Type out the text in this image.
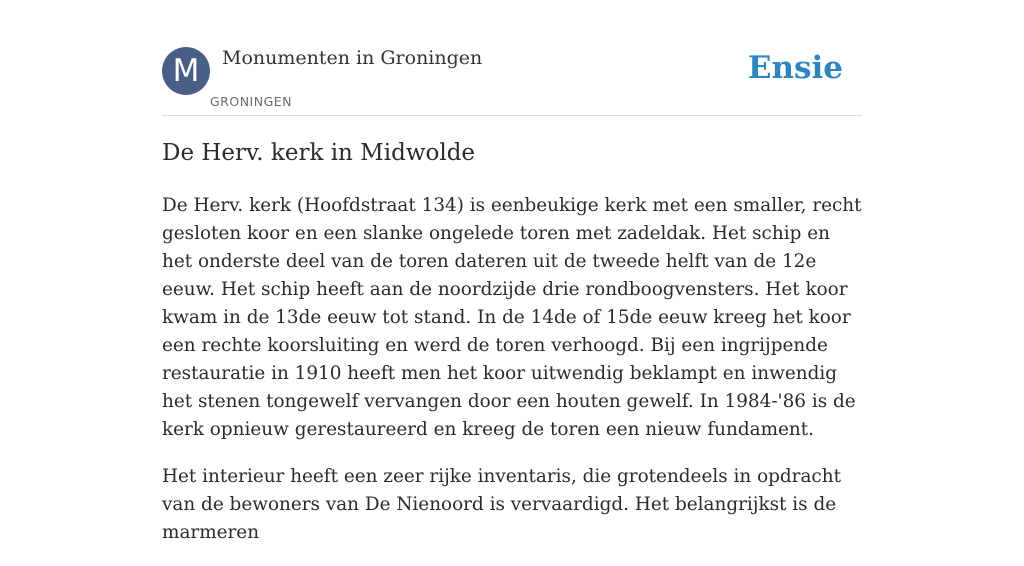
M	Monumenten in Groningen
GRONINGEN
Ensie
De Herv. kerk in Midwolde

De Herv. kerk (Hoofdstraat 134) is eenbeukige kerk met een smaller, recht gesloten koor en een slanke ongelede toren met zadeldak. Het schip en het onderste deel van de toren dateren uit de tweede helft van de 12e eeuw. Het schip heeft aan de noordzijde drie rondboogvensters. Het koor kwam in de 13de eeuw tot stand. In de 14de of 15de eeuw kreeg het koor een rechte koorsluiting en werd de toren verhoogd. Bij een ingrijpende restauratie in 1910 heeft men het koor uitwendig beklampt en inwendig het stenen tongewelf vervangen door een houten gewelf. In 1984-'86 is de kerk opnieuw gerestaureerd en kreeg de toren een nieuw fundament.

Het interieur heeft een zeer rijke inventaris, die grotendeels in opdracht van de bewoners van De Nienoord is vervaardigd. Het belangrijkst is de marmeren
